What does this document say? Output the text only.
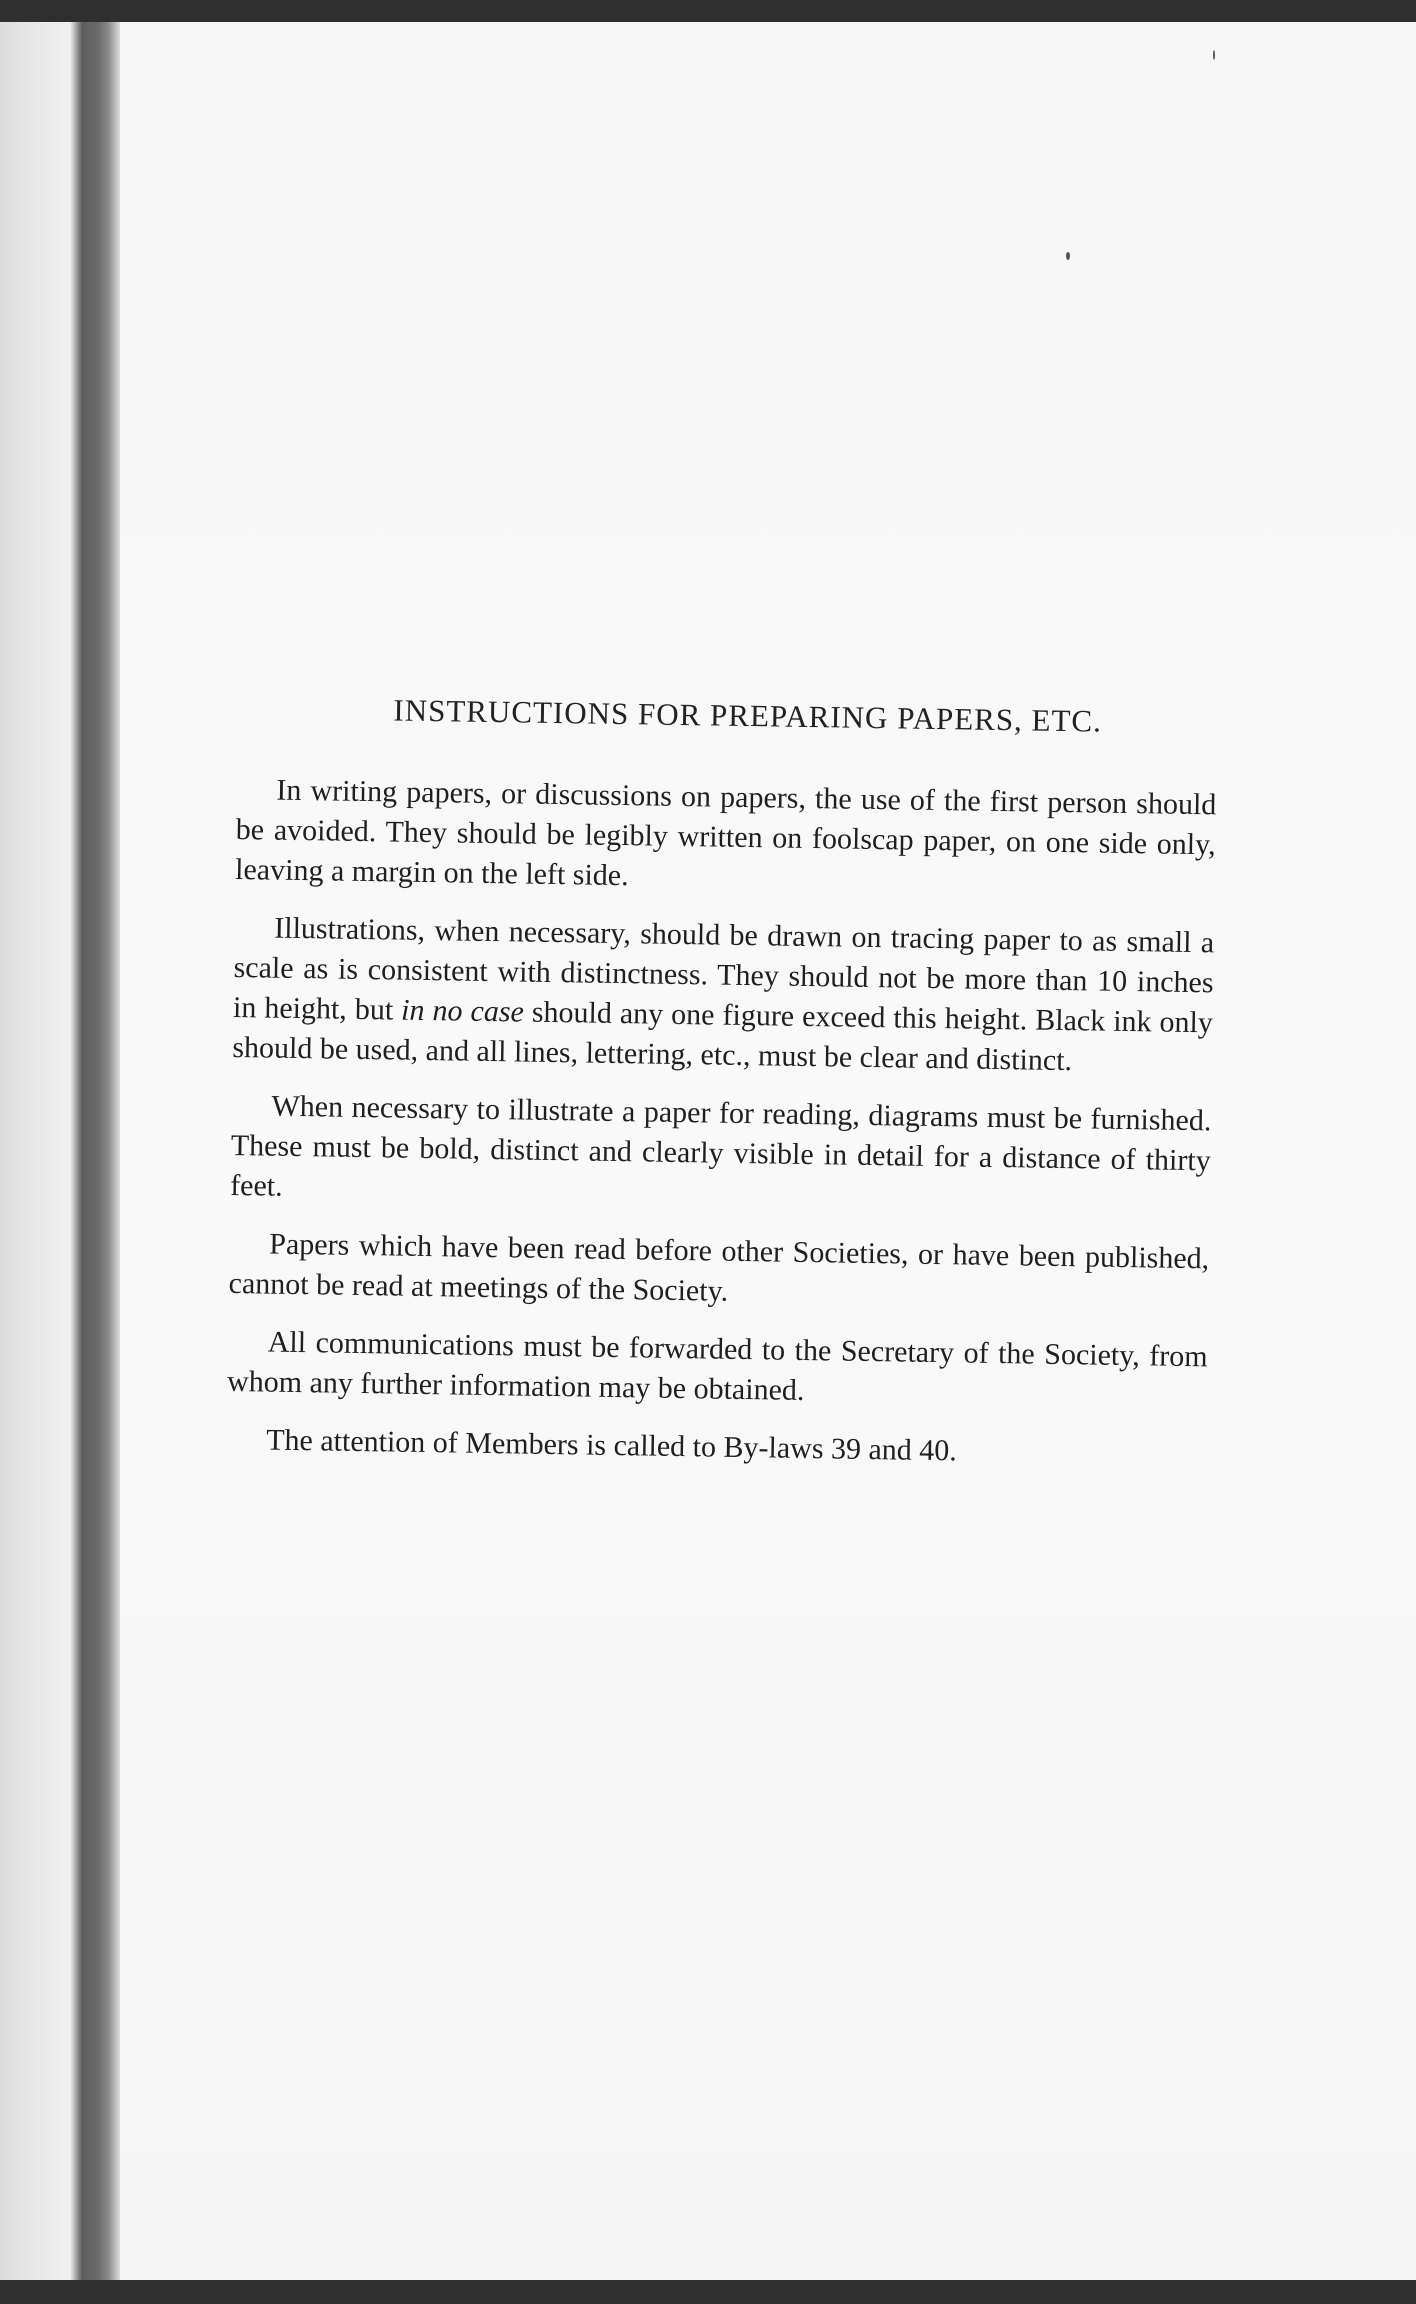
INSTRUCTIONS FOR PREPARING PAPERS, ETC.

In writing papers, or discussions on papers, the use of the first person should be avoided. They should be legibly written on foolscap paper, on one side only, leaving a margin on the left side.

Illustrations, when necessary, should be drawn on tracing paper to as small a scale as is consistent with distinctness. They should not be more than 10 inches in height, but in no case should any one figure exceed this height. Black ink only should be used, and all lines, lettering, etc., must be clear and distinct.

When necessary to illustrate a paper for reading, diagrams must be furnished. These must be bold, distinct and clearly visible in detail for a distance of thirty feet.

Papers which have been read before other Societies, or have been published, cannot be read at meetings of the Society.

All communications must be forwarded to the Secretary of the Society, from whom any further information may be obtained.

The attention of Members is called to By-laws 39 and 40.
